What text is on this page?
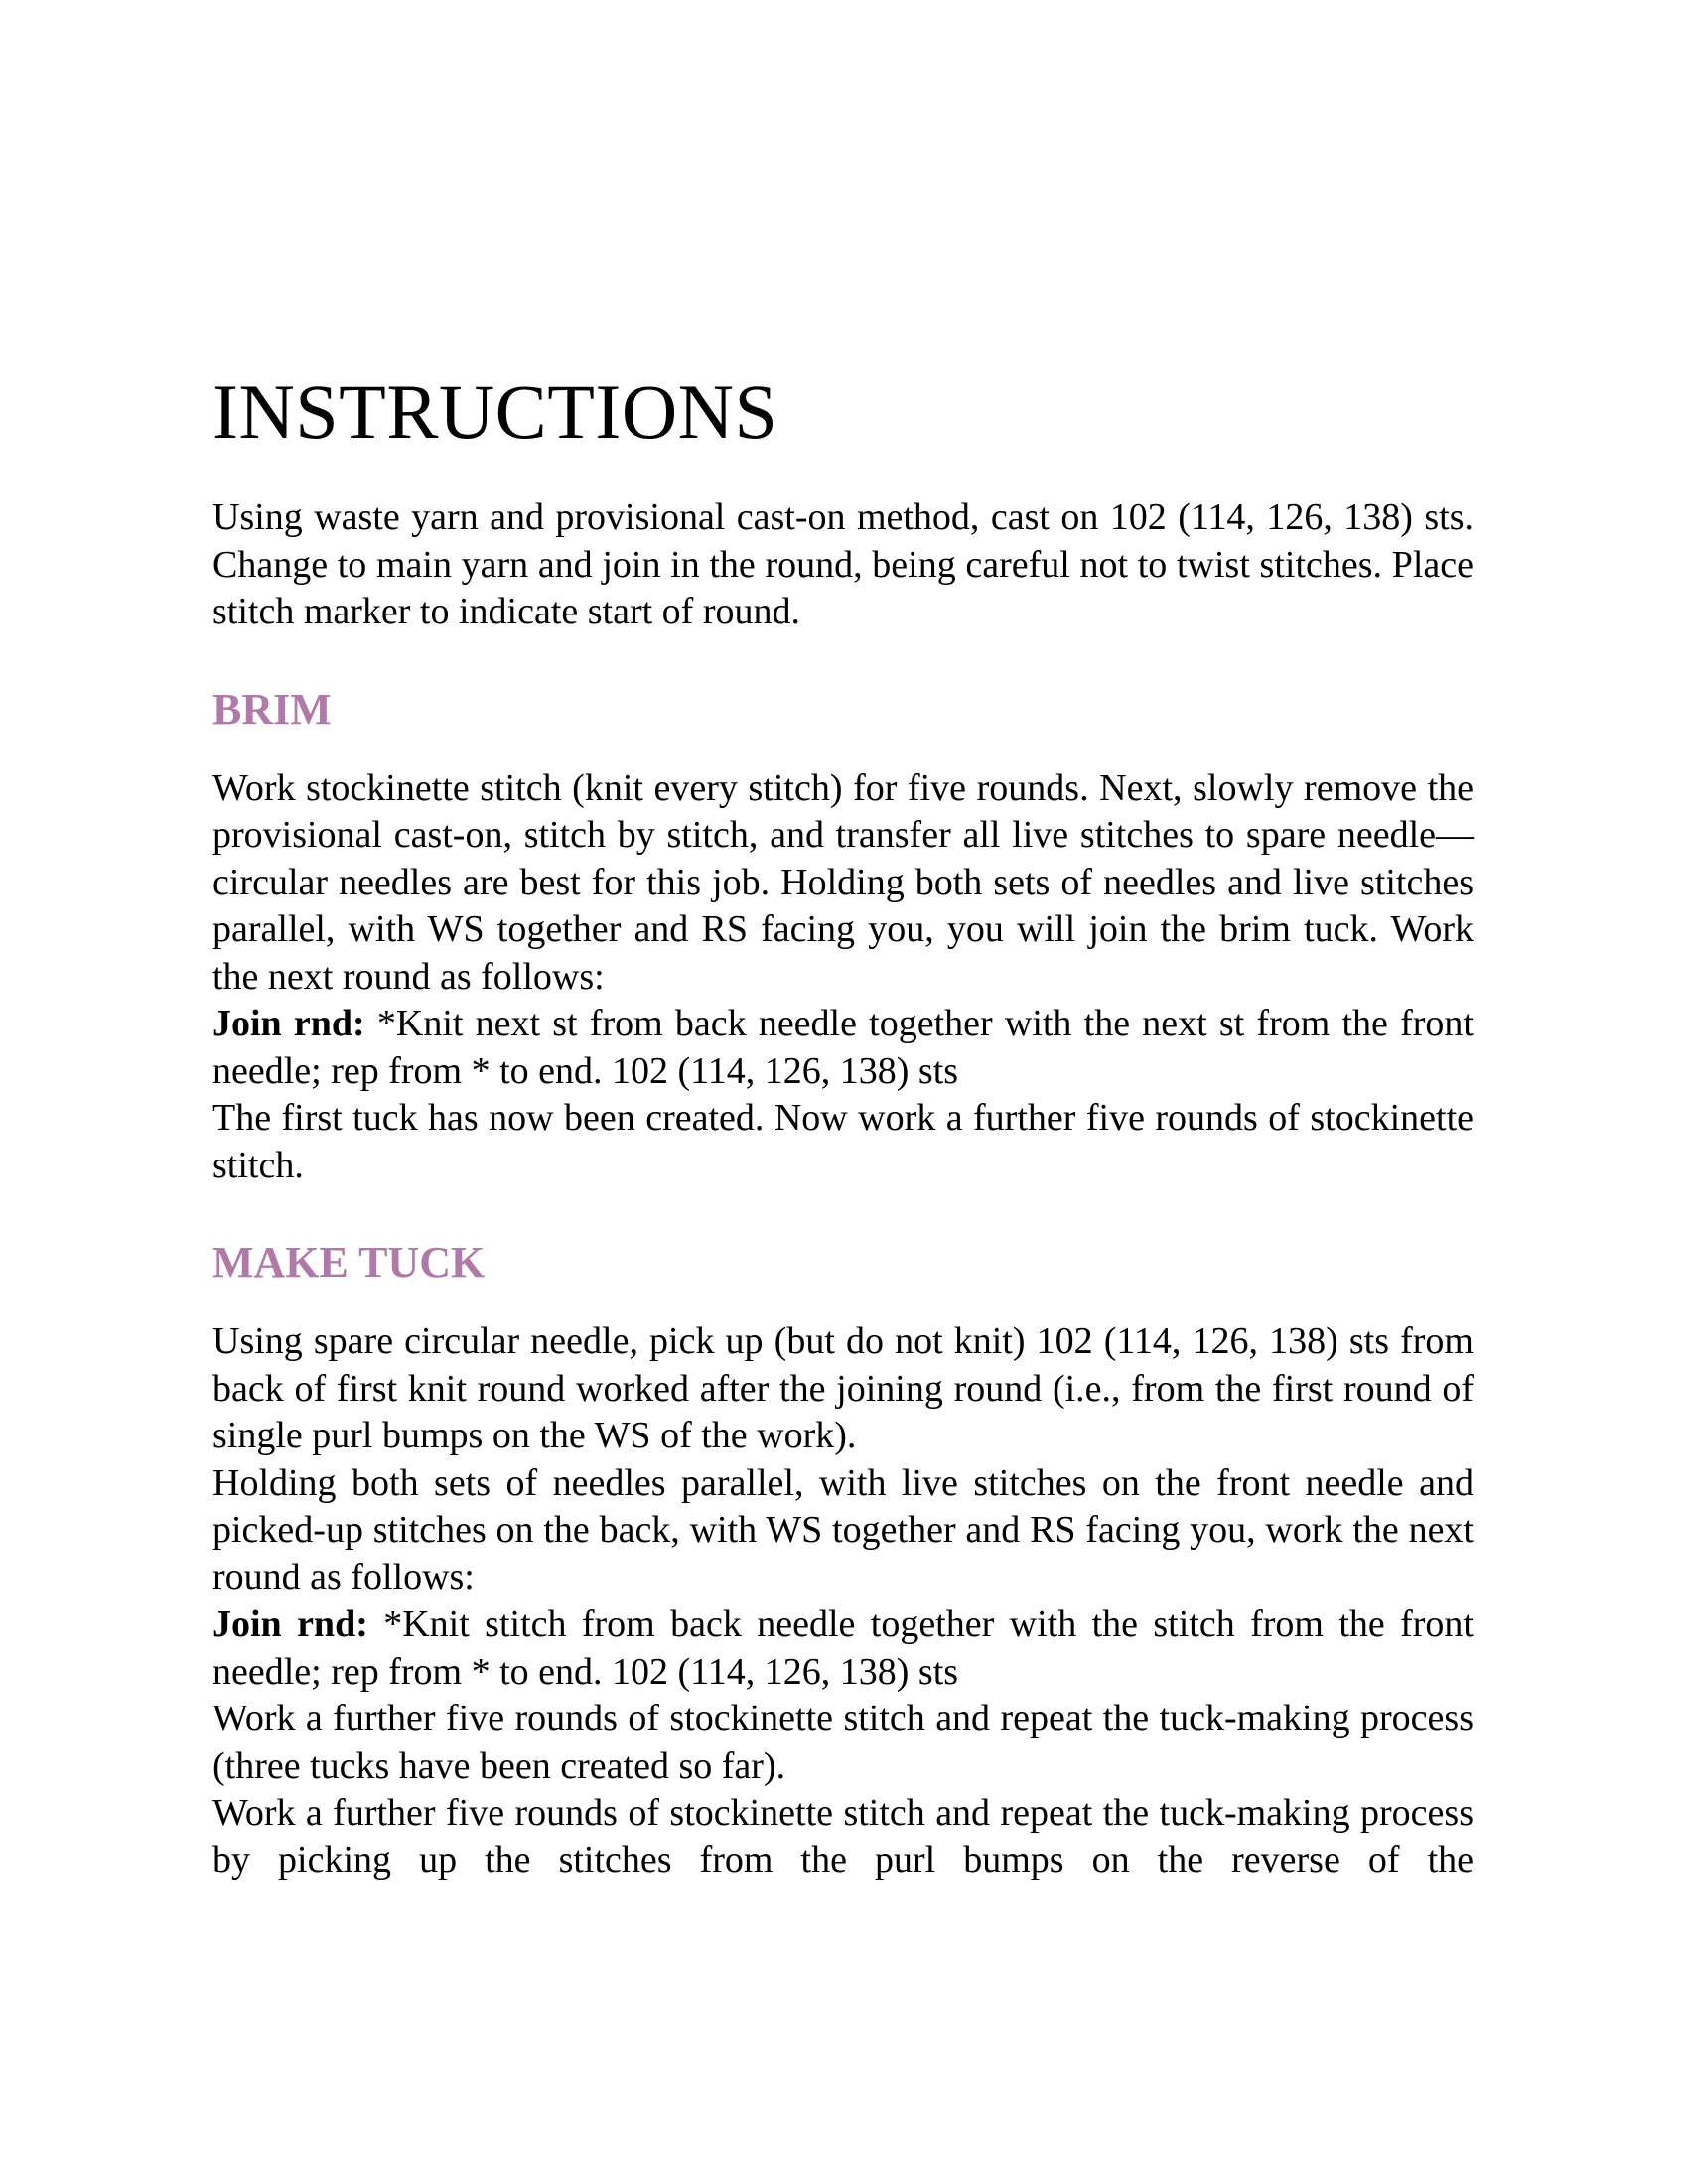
INSTRUCTIONS

Using waste yarn and provisional cast-on method, cast on 102 (114, 126, 138) sts. Change to main yarn and join in the round, being careful not to twist stitches. Place stitch marker to indicate start of round.

BRIM

Work stockinette stitch (knit every stitch) for five rounds. Next, slowly remove the provisional cast-on, stitch by stitch, and transfer all live stitches to spare needle—circular needles are best for this job. Holding both sets of needles and live stitches parallel, with WS together and RS facing you, you will join the brim tuck. Work the next round as follows:

Join rnd: *Knit next st from back needle together with the next st from the front needle; rep from * to end. 102 (114, 126, 138) sts

The first tuck has now been created. Now work a further five rounds of stockinette stitch.

MAKE TUCK

Using spare circular needle, pick up (but do not knit) 102 (114, 126, 138) sts from back of first knit round worked after the joining round (i.e., from the first round of single purl bumps on the WS of the work).

Holding both sets of needles parallel, with live stitches on the front needle and picked-up stitches on the back, with WS together and RS facing you, work the next round as follows:

Join rnd: *Knit stitch from back needle together with the stitch from the front needle; rep from * to end. 102 (114, 126, 138) sts

Work a further five rounds of stockinette stitch and repeat the tuck-making process (three tucks have been created so far).

Work a further five rounds of stockinette stitch and repeat the tuck-making process by picking up the stitches from the purl bumps on the reverse of the
